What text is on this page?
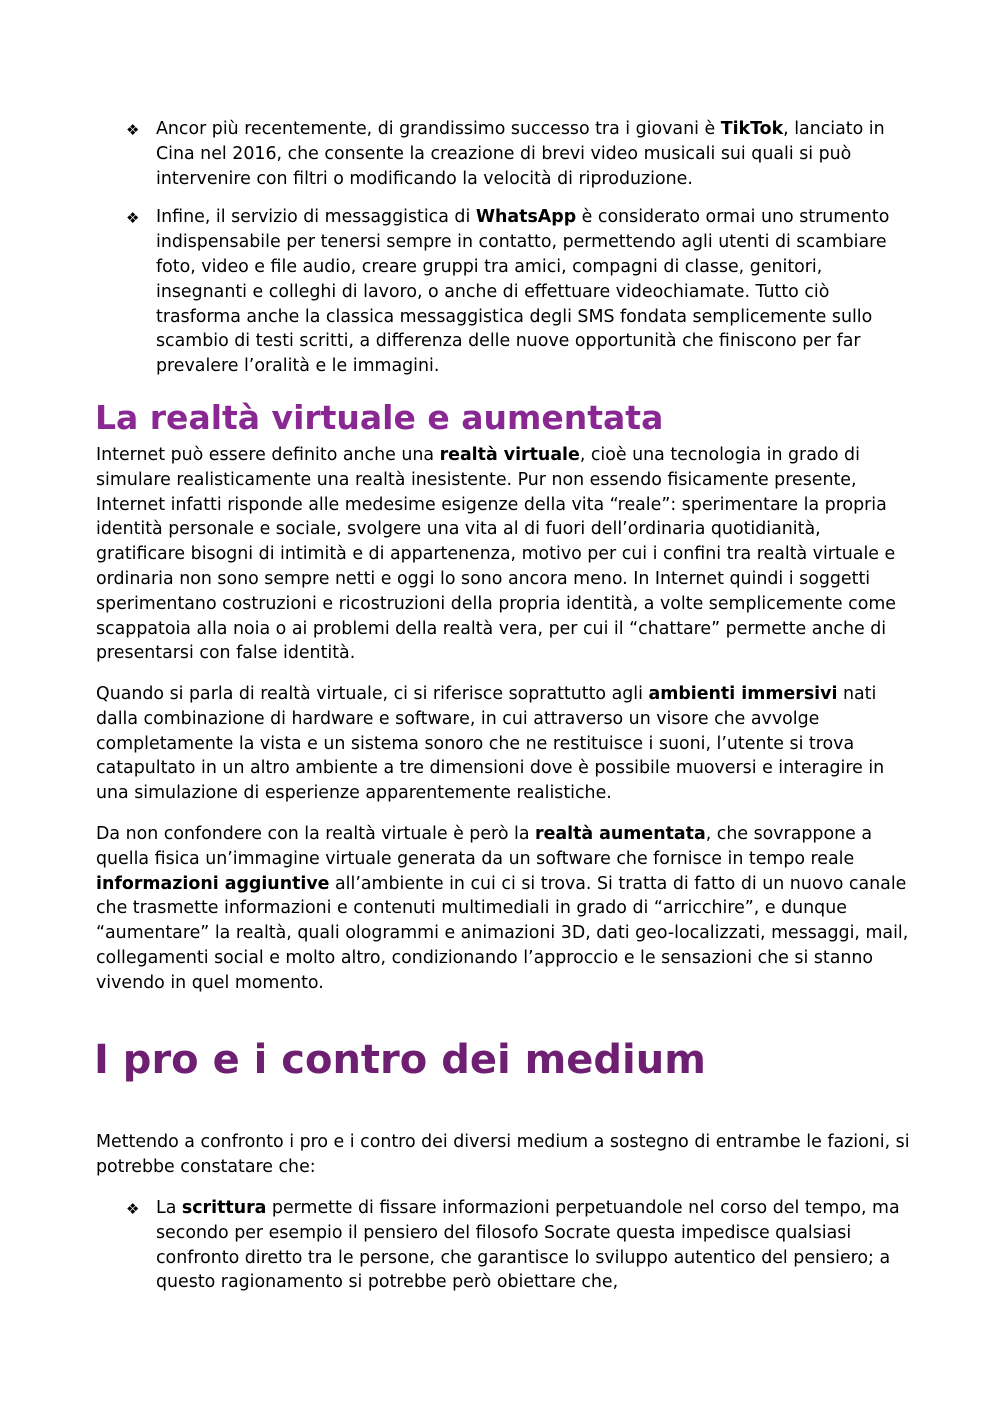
❖ Ancor più recentemente, di grandissimo successo tra i giovani è TikTok, lanciato in Cina nel 2016, che consente la creazione di brevi video musicali sui quali si può intervenire con filtri o modificando la velocità di riproduzione.

❖ Infine, il servizio di messaggistica di WhatsApp è considerato ormai uno strumento indispensabile per tenersi sempre in contatto, permettendo agli utenti di scambiare foto, video e file audio, creare gruppi tra amici, compagni di classe, genitori, insegnanti e colleghi di lavoro, o anche di effettuare videochiamate. Tutto ciò trasforma anche la classica messaggistica degli SMS fondata semplicemente sullo scambio di testi scritti, a differenza delle nuove opportunità che finiscono per far prevalere l’oralità e le immagini.

La realtà virtuale e aumentata

Internet può essere definito anche una realtà virtuale, cioè una tecnologia in grado di simulare realisticamente una realtà inesistente. Pur non essendo fisicamente presente, Internet infatti risponde alle medesime esigenze della vita “reale”: sperimentare la propria identità personale e sociale, svolgere una vita al di fuori dell’ordinaria quotidianità, gratificare bisogni di intimità e di appartenenza, motivo per cui i confini tra realtà virtuale e ordinaria non sono sempre netti e oggi lo sono ancora meno. In Internet quindi i soggetti sperimentano costruzioni e ricostruzioni della propria identità, a volte semplicemente come scappatoia alla noia o ai problemi della realtà vera, per cui il “chattare” permette anche di presentarsi con false identità.

Quando si parla di realtà virtuale, ci si riferisce soprattutto agli ambienti immersivi nati dalla combinazione di hardware e software, in cui attraverso un visore che avvolge completamente la vista e un sistema sonoro che ne restituisce i suoni, l’utente si trova catapultato in un altro ambiente a tre dimensioni dove è possibile muoversi e interagire in una simulazione di esperienze apparentemente realistiche.

Da non confondere con la realtà virtuale è però la realtà aumentata, che sovrappone a quella fisica un’immagine virtuale generata da un software che fornisce in tempo reale informazioni aggiuntive all’ambiente in cui ci si trova. Si tratta di fatto di un nuovo canale che trasmette informazioni e contenuti multimediali in grado di “arricchire”, e dunque “aumentare” la realtà, quali ologrammi e animazioni 3D, dati geo-localizzati, messaggi, mail, collegamenti social e molto altro, condizionando l’approccio e le sensazioni che si stanno vivendo in quel momento.

I pro e i contro dei medium

Mettendo a confronto i pro e i contro dei diversi medium a sostegno di entrambe le fazioni, si potrebbe constatare che:

❖ La scrittura permette di fissare informazioni perpetuandole nel corso del tempo, ma secondo per esempio il pensiero del filosofo Socrate questa impedisce qualsiasi confronto diretto tra le persone, che garantisce lo sviluppo autentico del pensiero; a questo ragionamento si potrebbe però obiettare che,
